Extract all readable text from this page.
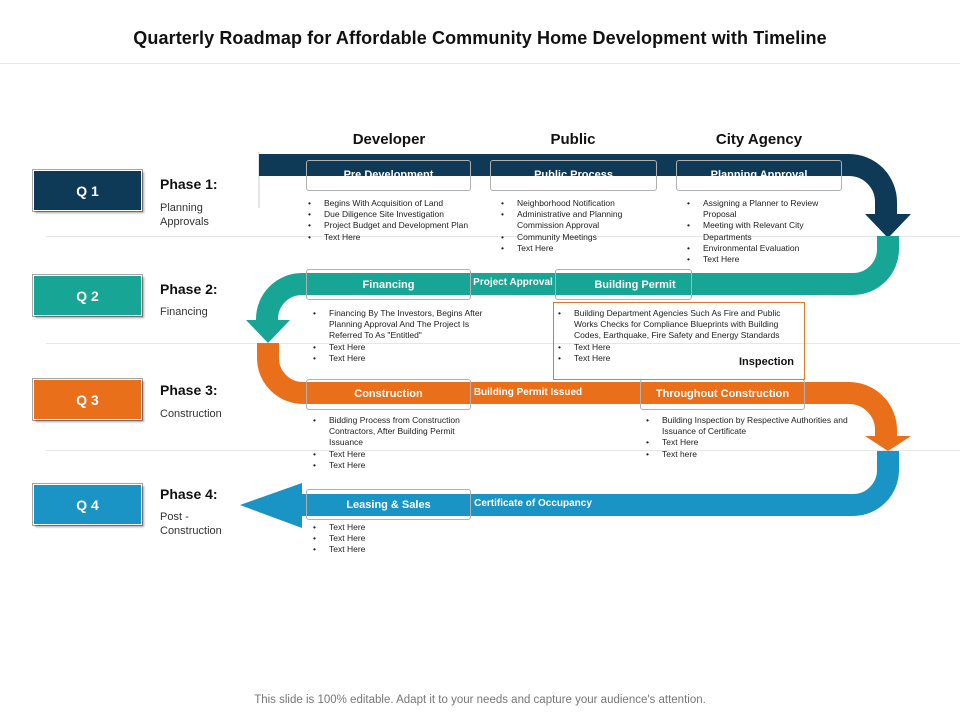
Quarterly Roadmap for Affordable Community Home Development with Timeline
Developer	Public	City Agency
Pre Development	Public Process	Planning Approval
Financing	Project Approval	Building Permit
Construction	Building Permit Issued	Throughout Construction
Leasing & Sales	Certificate of Occupancy
Q 1
Q 2
Q 3
Q 4
Phase 1:
Planning Approvals
Phase 2:
Financing
Phase 3:
Construction
Phase 4:
Post - Construction
Inspection
• Begins With Acquisition of Land
• Due Diligence Site Investigation
• Project Budget and Development Plan
• Text Here
• Neighborhood Notification
• Administrative and Planning Commission Approval
• Community Meetings
• Text Here
• Assigning a Planner to Review Proposal
• Meeting with Relevant City Departments
• Environmental Evaluation
• Text Here
• Financing By The Investors, Begins After Planning Approval And The Project Is Referred To As "Entitled"
• Text Here
• Text Here
• Building Department Agencies Such As Fire and Public Works Checks for Compliance Blueprints with Building Codes, Earthquake, Fire Safety and Energy Standards
• Text Here
• Text Here
• Bidding Process from Construction Contractors, After Building Permit Issuance
• Text Here
• Text Here
• Building Inspection by Respective Authorities and Issuance of Certificate
• Text Here
• Text here
• Text Here
• Text Here
• Text Here
This slide is 100% editable. Adapt it to your needs and capture your audience's attention.
